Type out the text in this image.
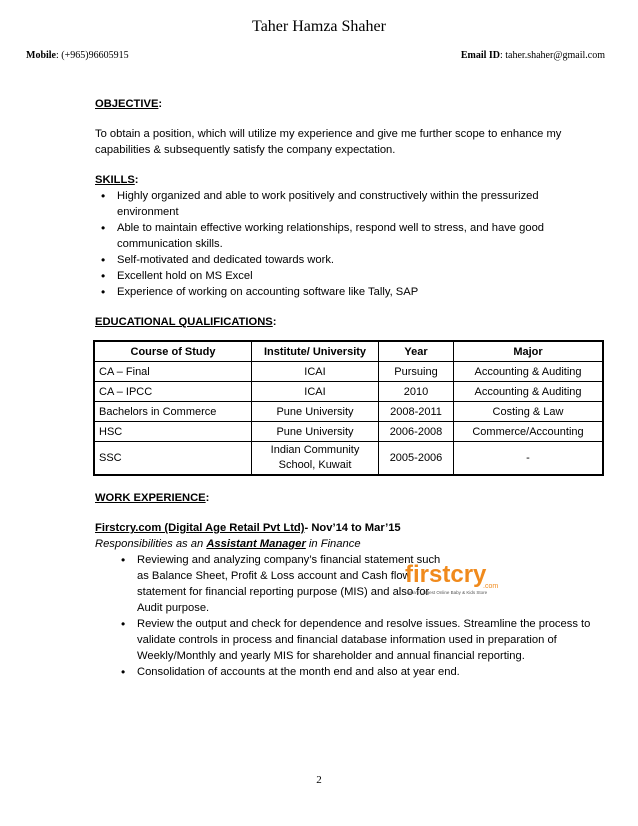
Taher Hamza Shaher
Mobile: (+965)96605915	Email ID: taher.shaher@gmail.com
OBJECTIVE:

To obtain a position, which will utilize my experience and give me further scope to enhance my capabilities & subsequently satisfy the company expectation.

SKILLS:
• Highly organized and able to work positively and constructively within the pressurized environment
• Able to maintain effective working relationships, respond well to stress, and have good communication skills.
• Self-motivated and dedicated towards work.
• Excellent hold on MS Excel
• Experience of working on accounting software like Tally, SAP
EDUCATIONAL QUALIFICATIONS:
Course of Study	Institute/ University	Year	Major
CA – Final	ICAI	Pursuing	Accounting & Auditing
CA – IPCC	ICAI	2010	Accounting & Auditing
Bachelors in Commerce	Pune University	2008-2011	Costing & Law
HSC	Pune University	2006-2008	Commerce/Accounting
SSC	Indian Community School, Kuwait	2005-2006	-
WORK EXPERIENCE:
Firstcry.com (Digital Age Retail Pvt Ltd)- Nov’14 to Mar’15
Responsibilities as an Assistant Manager in Finance
• Reviewing and analyzing company’s financial statement such as Balance Sheet, Profit & Loss account and Cash flow statement for financial reporting purpose (MIS) and also for Audit purpose.
• Review the output and check for dependence and resolve issues. Streamline the process to validate controls in process and financial database information used in preparation of Weekly/Monthly and yearly MIS for shareholder and annual financial reporting.
• Consolidation of accounts at the month end and also at year end.
firstcry
.com
Asia's Largest Online Baby & Kids Store
2
